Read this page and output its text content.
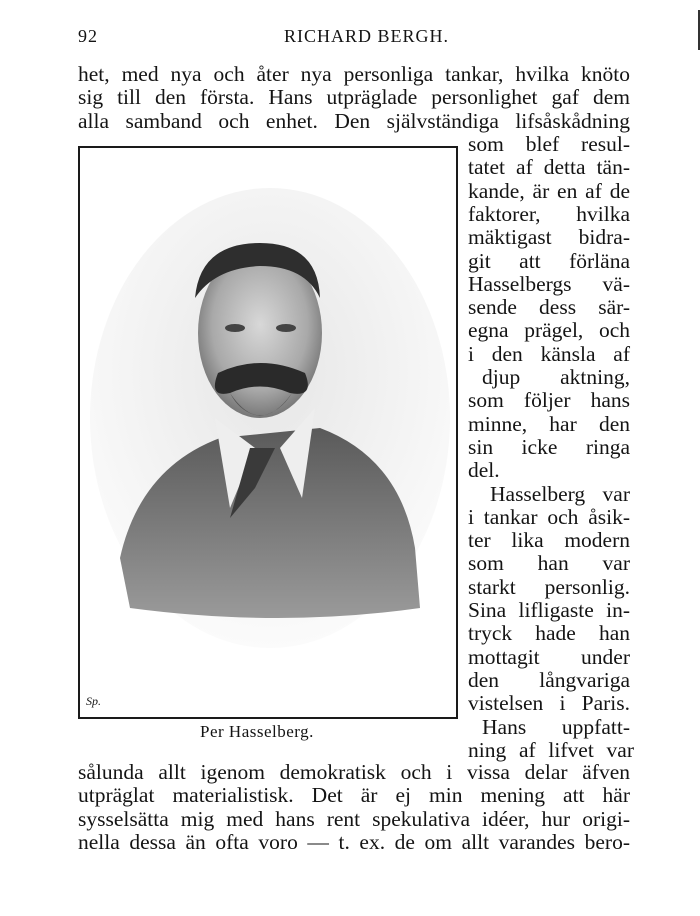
92	RICHARD BERGH.
het, med nya och åter nya personliga tankar, hvilka knöto
sig till den första. Hans utpräglade personlighet gaf dem
alla samband och enhet. Den självständiga lifsåskådning
som blef resul-
tatet af detta tän-
kande, är en af de
faktorer, hvilka
mäktigast bidra-
git att förläna
Hasselbergs vä-
sende dess sär-
egna prägel, och
i den känsla af
djup aktning,
som följer hans
minne, har den
sin icke ringa
del.
Hasselberg var
i tankar och åsik-
ter lika modern
som han var
starkt personlig.
Sina lifligaste in-
tryck hade han
mottagit under
den långvariga
vistelsen i Paris.
Hans uppfatt-
ning af lifvet var
sålunda allt igenom demokratisk och i vissa delar äfven
utpräglat materialistisk. Det är ej min mening att här
sysselsätta mig med hans rent spekulativa idéer, hur origi-
nella dessa än ofta voro — t. ex. de om allt varandes bero-
Sp.
Per Hasselberg.
